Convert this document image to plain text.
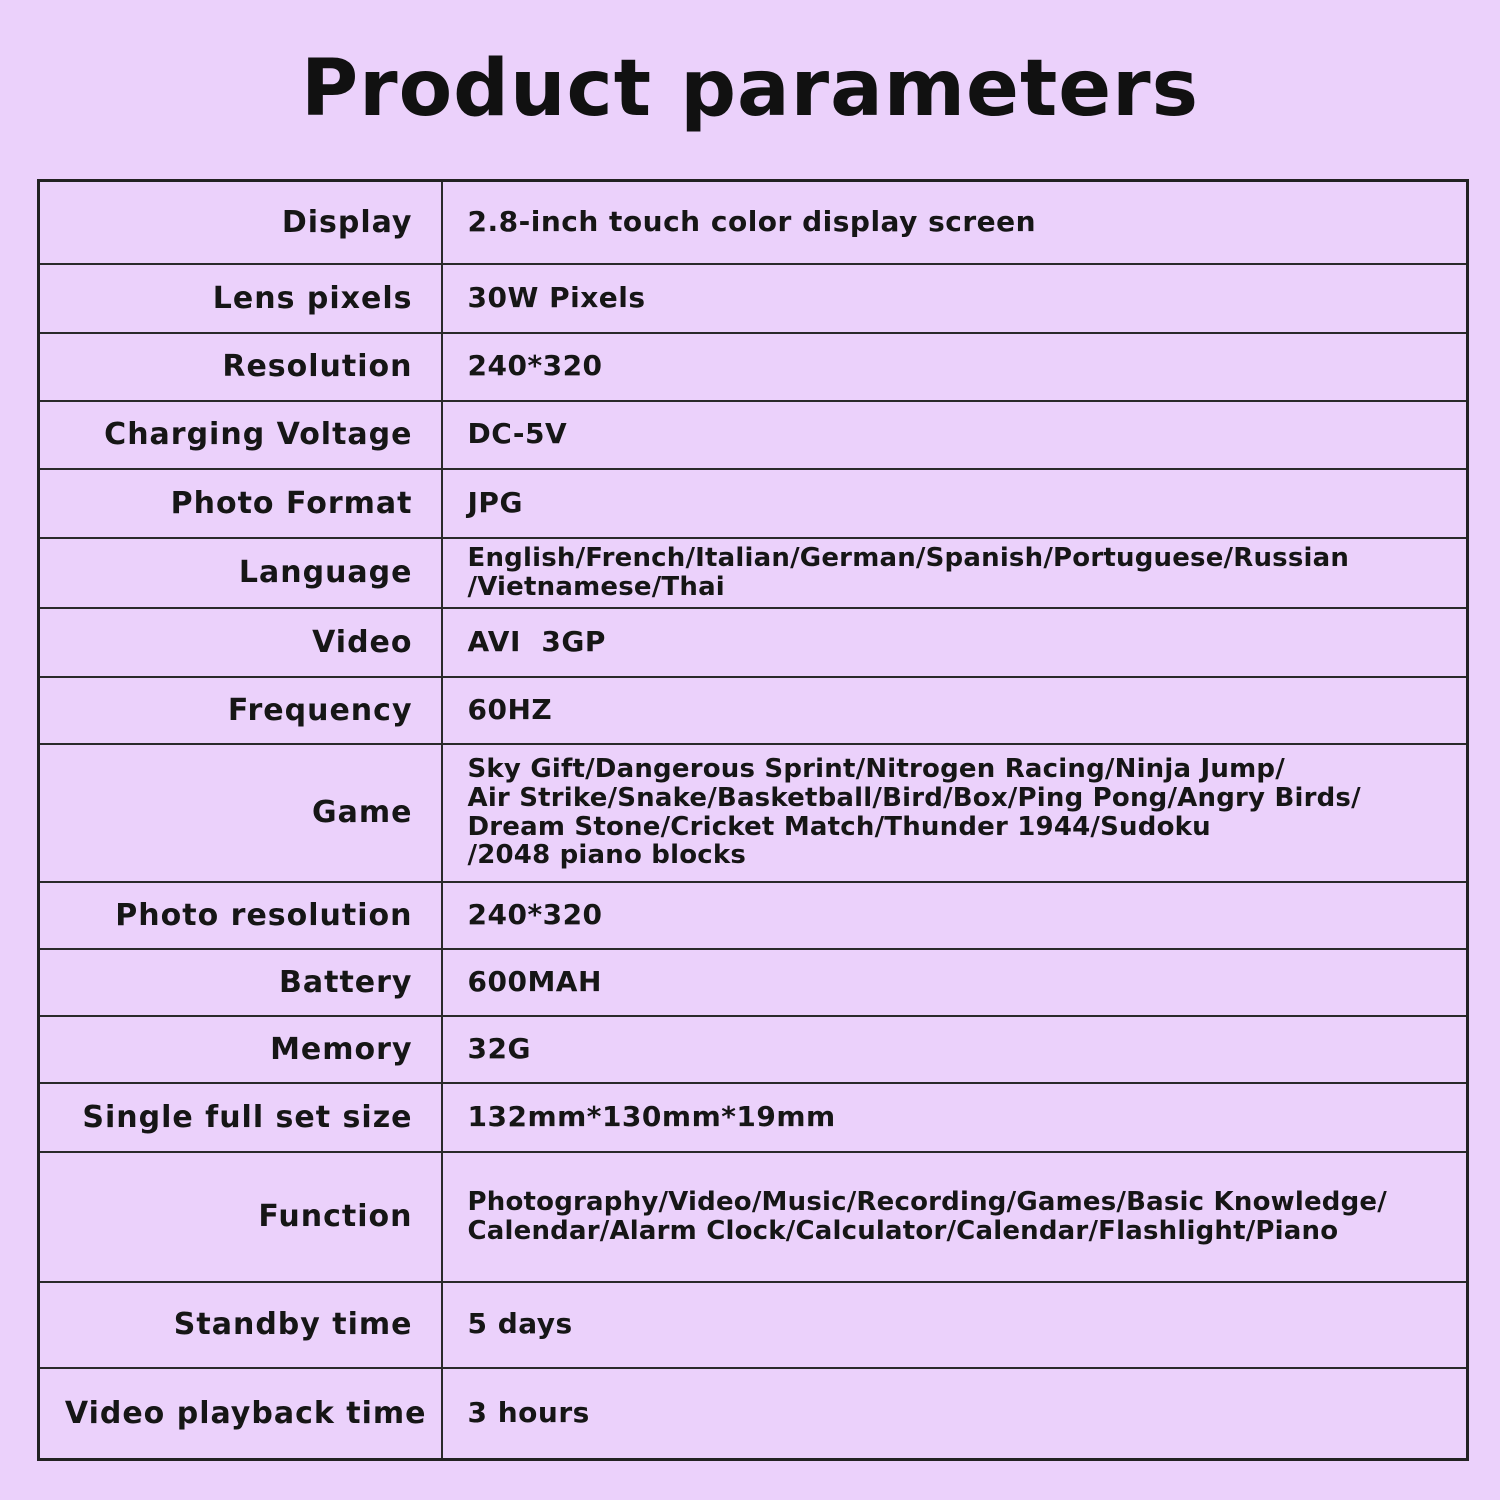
Product parameters
Display	2.8-inch touch color display screen

Lens pixels	30W Pixels

Resolution	240*320

Charging Voltage	DC-5V

Photo Format	JPG

Language	English/French/Italian/German/Spanish/Portuguese/Russian
/Vietnamese/Thai

Video	AVI  3GP

Frequency	60HZ

Game	Sky Gift/Dangerous Sprint/Nitrogen Racing/Ninja Jump/
Air Strike/Snake/Basketball/Bird/Box/Ping Pong/Angry Birds/
Dream Stone/Cricket Match/Thunder 1944/Sudoku
/2048 piano blocks

Photo resolution	240*320

Battery	600MAH

Memory	32G

Single full set size	132mm*130mm*19mm

Function	Photography/Video/Music/Recording/Games/Basic Knowledge/
Calendar/Alarm Clock/Calculator/Calendar/Flashlight/Piano

Standby time	5 days

Video playback time	3 hours
